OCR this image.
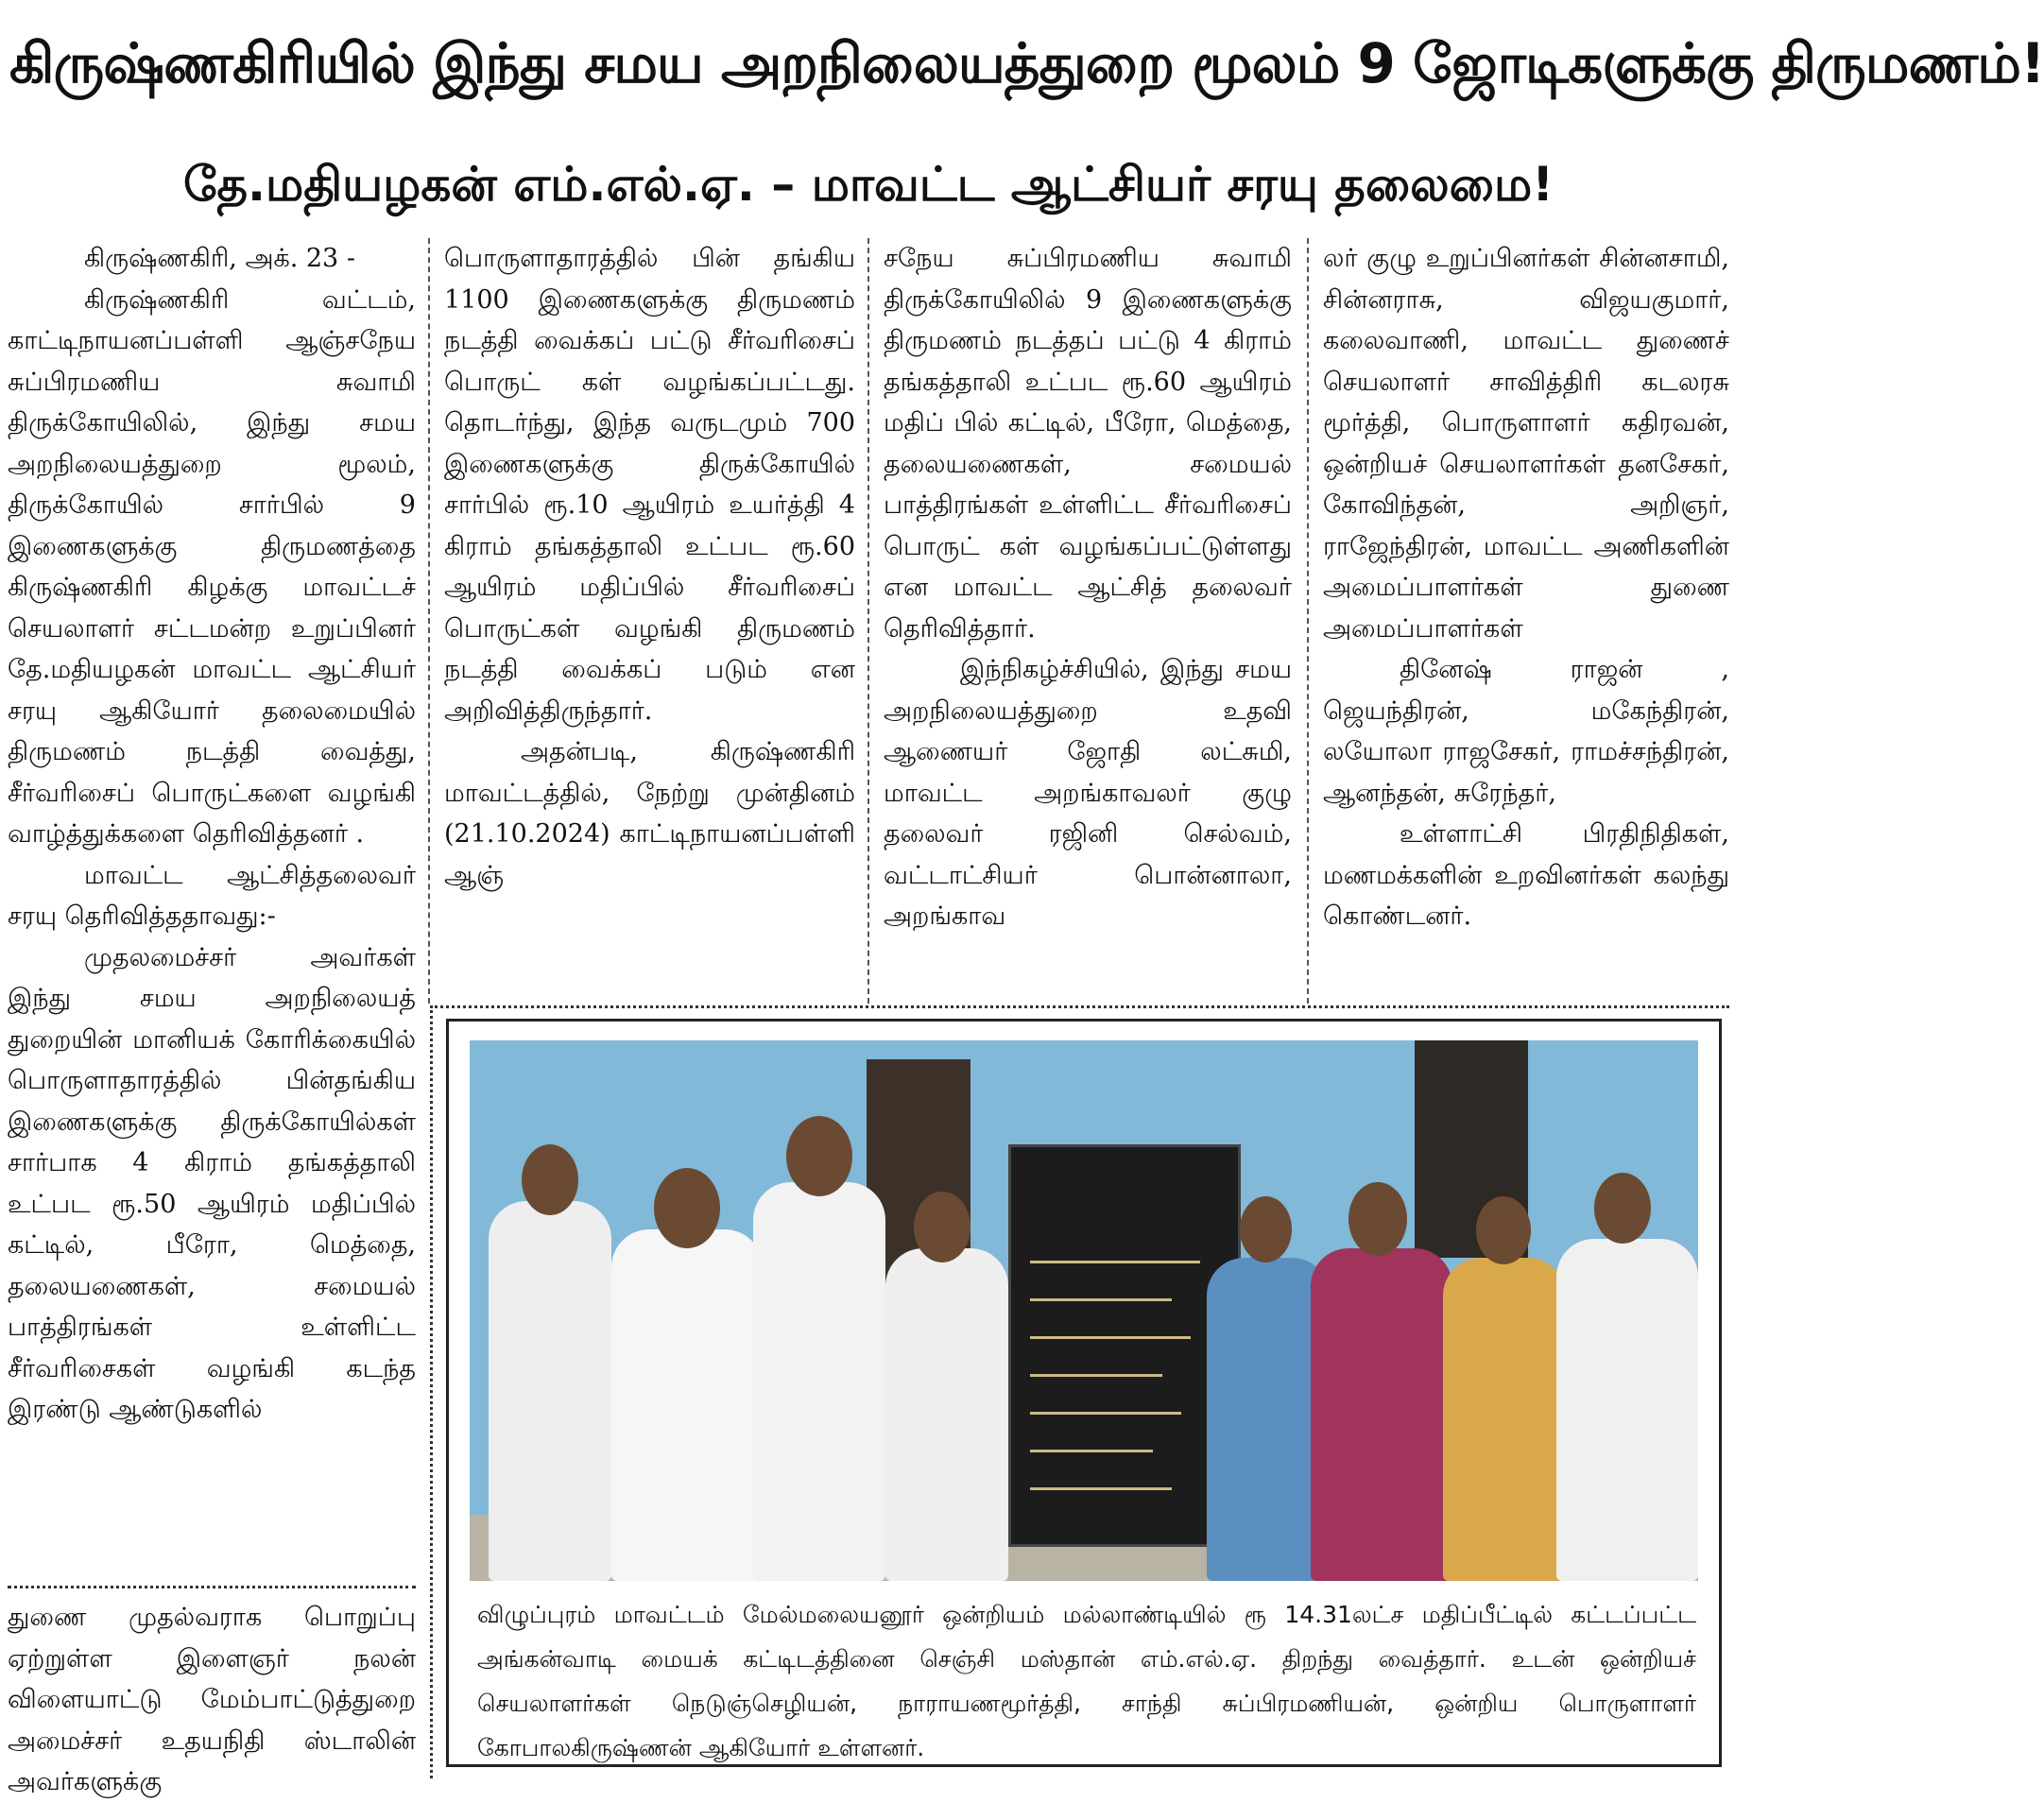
கிருஷ்ணகிரியில் இந்து சமய அறநிலையத்துறை மூலம் 9 ஜோடிகளுக்கு திருமணம்!
தே.மதியழகன் எம்.எல்.ஏ. – மாவட்ட ஆட்சியர் சரயு தலைமை!

கிருஷ்ணகிரி, அக். 23 -

கிருஷ்ணகிரி வட்டம், காட்டிநாயனப்பள்ளி ஆஞ்சநேய சுப்பிரமணிய சுவாமி திருக்கோயிலில், இந்து சமய அறநிலையத்துறை மூலம், திருக்கோயில் சார்பில் 9 இணைகளுக்கு திருமணத்தை கிருஷ்ணகிரி கிழக்கு மாவட்டச் செயலாளர் சட்டமன்ற உறுப்பினர் தே.மதியழகன் மாவட்ட ஆட்சியர் சரயு ஆகியோர் தலைமையில் திருமணம் நடத்தி வைத்து, சீர்வரிசைப் பொருட்களை வழங்கி வாழ்த்துக்களை தெரிவித்தனர் .

மாவட்ட ஆட்சித்தலைவர் சரயு தெரிவித்ததாவது:-

முதலமைச்சர் அவர்கள் இந்து சமய அறநிலையத் துறையின் மானியக் கோரிக்கையில் பொருளாதாரத்தில் பின்தங்கிய இணைகளுக்கு திருக்கோயில்கள் சார்பாக 4 கிராம் தங்கத்தாலி உட்பட ரூ.50 ஆயிரம் மதிப்பில் கட்டில், பீரோ, மெத்தை, தலையணைகள், சமையல் பாத்திரங்கள் உள்ளிட்ட சீர்வரிசைகள் வழங்கி கடந்த இரண்டு ஆண்டுகளில்

துணை முதல்வராக பொறுப்பு ஏற்றுள்ள இளைஞர் நலன் விளையாட்டு மேம்பாட்டுத்துறை அமைச்சர் உதயநிதி ஸ்டாலின் அவர்களுக்கு

பொருளாதாரத்தில் பின் தங்கிய 1100 இணைகளுக்கு திருமணம் நடத்தி வைக்கப் பட்டு சீர்வரிசைப் பொருட் கள் வழங்கப்பட்டது. தொடர்ந்து, இந்த வருடமும் 700 இணைகளுக்கு திருக்கோயில் சார்பில் ரூ.10 ஆயிரம் உயர்த்தி 4 கிராம் தங்கத்தாலி உட்பட ரூ.60 ஆயிரம் மதிப்பில் சீர்வரிசைப் பொருட்கள் வழங்கி திருமணம் நடத்தி வைக்கப் படும் என அறிவித்திருந்தார்.

அதன்படி, கிருஷ்ணகிரி மாவட்டத்தில், நேற்று முன்தினம் (21.10.2024) காட்டிநாயனப்பள்ளி ஆஞ்

சநேய சுப்பிரமணிய சுவாமி திருக்கோயிலில் 9 இணைகளுக்கு திருமணம் நடத்தப் பட்டு 4 கிராம் தங்கத்தாலி உட்பட ரூ.60 ஆயிரம் மதிப் பில் கட்டில், பீரோ, மெத்தை, தலையணைகள், சமையல் பாத்திரங்கள் உள்ளிட்ட சீர்வரிசைப் பொருட் கள் வழங்கப்பட்டுள்ளது என மாவட்ட ஆட்சித் தலைவர் தெரிவித்தார்.

இந்நிகழ்ச்சியில், இந்து சமய அறநிலையத்துறை உதவி ஆணையர் ஜோதி லட்சுமி, மாவட்ட அறங்காவலர் குழு தலைவர் ரஜினி செல்வம், வட்டாட்சியர் பொன்னாலா, அறங்காவ

லர் குழு உறுப்பினர்கள் சின்னசாமி, சின்னராசு, விஜயகுமார், கலைவாணி, மாவட்ட துணைச் செயலாளர் சாவித்திரி கடலரசு மூர்த்தி, பொருளாளர் கதிரவன், ஒன்றியச் செயலாளர்கள் தனசேகர், கோவிந்தன், அறிஞர், ராஜேந்திரன், மாவட்ட அணிகளின் அமைப்பாளர்கள் துணை அமைப்பாளர்கள்

தினேஷ் ராஜன் , ஜெயந்திரன், மகேந்திரன், லயோலா ராஜசேகர், ராமச்சந்திரன், ஆனந்தன், சுரேந்தர்,

உள்ளாட்சி பிரதிநிதிகள், மணமக்களின் உறவினர்கள் கலந்து கொண்டனர்.

விழுப்புரம் மாவட்டம் மேல்மலையனூர் ஒன்றியம் மல்லாண்டியில் ரூ 14.31லட்ச மதிப்பீட்டில் கட்டப்பட்ட அங்கன்வாடி மையக் கட்டிடத்தினை செஞ்சி மஸ்தான் எம்.எல்.ஏ. திறந்து வைத்தார். உடன் ஒன்றியச் செயலாளர்கள் நெடுஞ்செழியன், நாராயணமூர்த்தி, சாந்தி சுப்பிரமணியன், ஒன்றிய பொருளாளர் கோபாலகிருஷ்ணன் ஆகியோர் உள்ளனர்.
